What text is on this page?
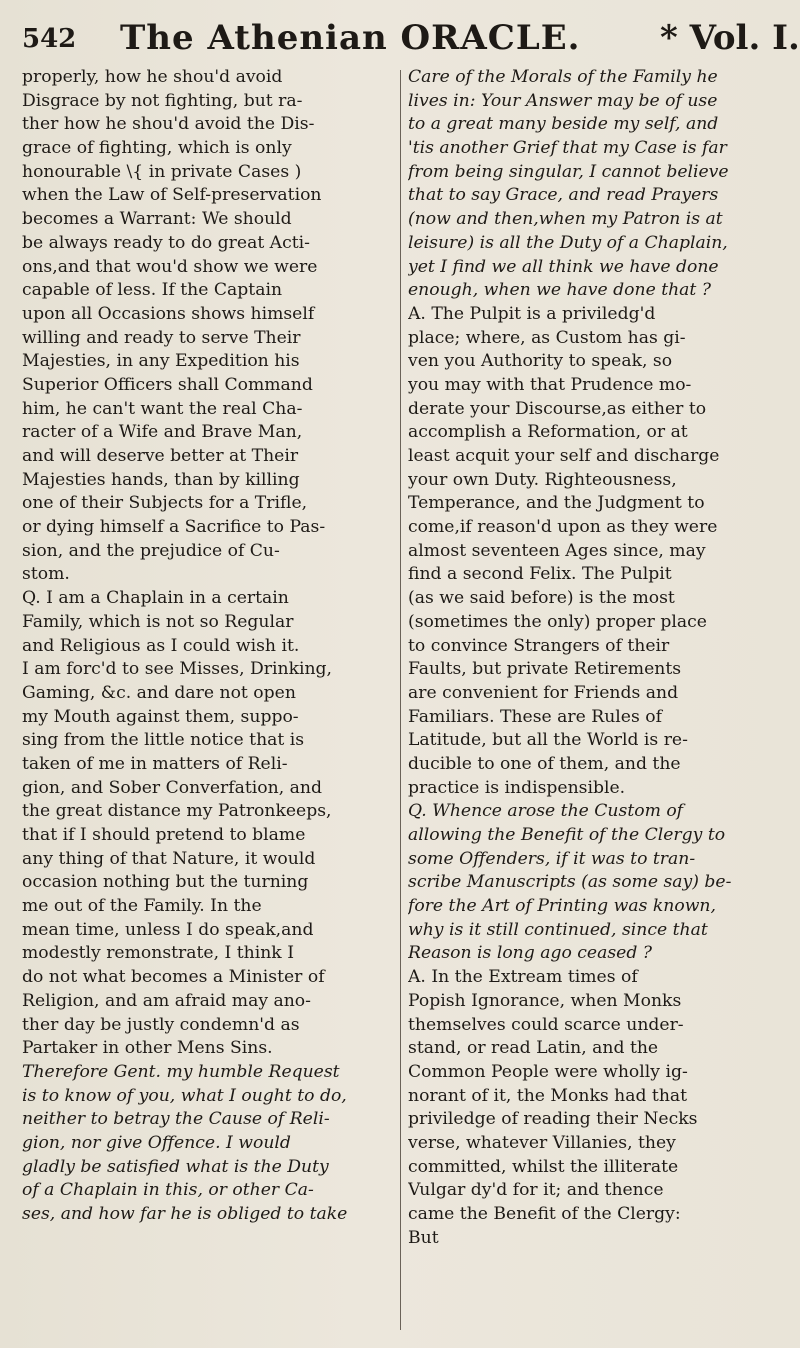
542 The Athenian ORACLE. * Vol. I.
properly, how he shou'd avoid
Disgrace by not fighting, but ra-
ther how he shou'd avoid the Dis-
grace of fighting, which is only
honourable \{ in private Cases )
when the Law of Self-preservation
becomes a Warrant: We should
be always ready to do great Acti-
ons,and that wou'd show we were
capable of less. If the Captain
upon all Occasions shows himself
willing and ready to serve Their
Majesties, in any Expedition his
Superior Officers shall Command
him, he can't want the real Cha-
racter of a Wife and Brave Man,
and will deserve better at Their
Majesties hands, than by killing
one of their Subjects for a Trifle,
or dying himself a Sacrifice to Pas-
sion, and the prejudice of Cu-
stom.
Q. I am a Chaplain in a certain
Family, which is not so Regular
and Religious as I could wish it.
I am forc'd to see Misses, Drinking,
Gaming, &c. and dare not open
my Mouth against them, suppo-
sing from the little notice that is
taken of me in matters of Reli-
gion, and Sober Converfation, and
the great distance my Patronkeeps,
that if I should pretend to blame
any thing of that Nature, it would
occasion nothing but the turning
me out of the Family. In the
mean time, unless I do speak,and
modestly remonstrate, I think I
do not what becomes a Minister of
Religion, and am afraid may ano-
ther day be justly condemn'd as
Partaker in other Mens Sins.
Therefore Gent. my humble Request
is to know of you, what I ought to do,
neither to betray the Cause of Reli-
gion, nor give Offence. I would
gladly be satisfied what is the Duty
of a Chaplain in this, or other Ca-
ses, and how far he is obliged to take
Care of the Morals of the Family he
lives in: Your Answer may be of use
to a great many beside my self, and
'tis another Grief that my Case is far
from being singular, I cannot believe
that to say Grace, and read Prayers
(now and then,when my Patron is at
leisure) is all the Duty of a Chaplain,
yet I find we all think we have done
enough, when we have done that ?
A. The Pulpit is a priviledg'd
place; where, as Custom has gi-
ven you Authority to speak, so
you may with that Prudence mo-
derate your Discourse,as either to
accomplish a Reformation, or at
least acquit your self and discharge
your own Duty. Righteousness,
Temperance, and the Judgment to
come,if reason'd upon as they were
almost seventeen Ages since, may
find a second Felix. The Pulpit
(as we said before) is the most
(sometimes the only) proper place
to convince Strangers of their
Faults, but private Retirements
are convenient for Friends and
Familiars. These are Rules of
Latitude, but all the World is re-
ducible to one of them, and the
practice is indispensible.
Q. Whence arose the Custom of
allowing the Benefit of the Clergy to
some Offenders, if it was to tran-
scribe Manuscripts (as some say) be-
fore the Art of Printing was known,
why is it still continued, since that
Reason is long ago ceased ?
A. In the Extream times of
Popish Ignorance, when Monks
themselves could scarce under-
stand, or read Latin, and the
Common People were wholly ig-
norant of it, the Monks had that
priviledge of reading their Necks
verse, whatever Villanies, they
committed, whilst the illiterate
Vulgar dy'd for it; and thence
came the Benefit of the Clergy:
But
